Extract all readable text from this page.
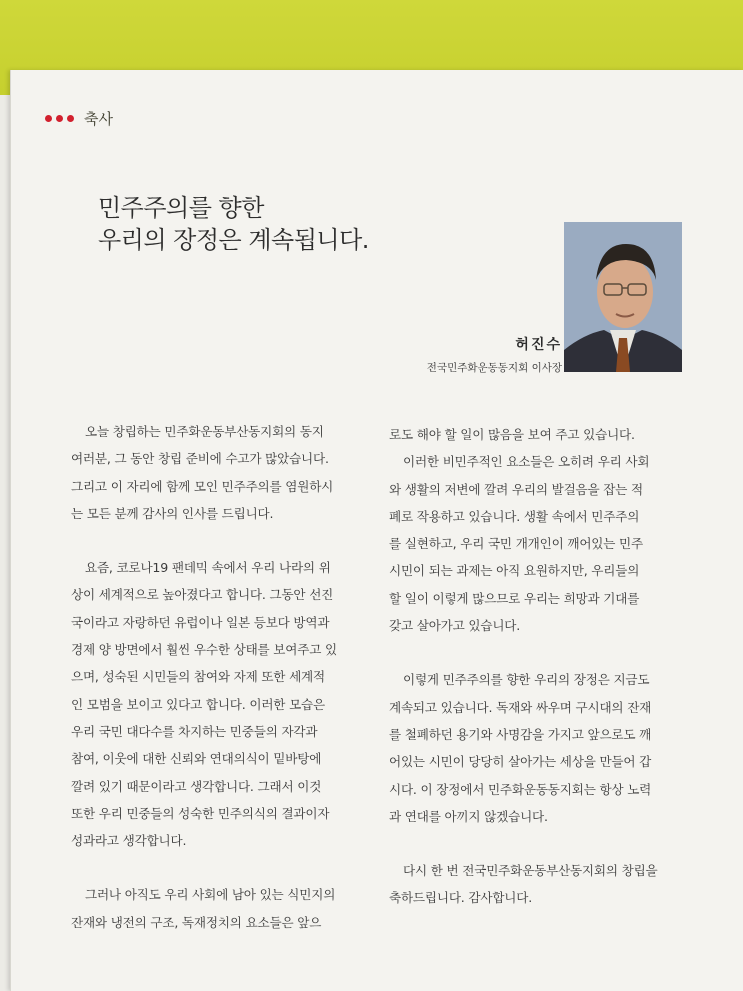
축사
민주주의를 향한
우리의 장정은 계속됩니다.
허진수
전국민주화운동동지회 이사장
오늘 창립하는 민주화운동부산동지회의 동지
여러분, 그 동안 창립 준비에 수고가 많았습니다.
그리고 이 자리에 함께 모인 민주주의를 염원하시
는 모든 분께 감사의 인사를 드립니다.
요즘, 코로나19 팬데믹 속에서 우리 나라의 위
상이 세계적으로 높아졌다고 합니다. 그동안 선진
국이라고 자랑하던 유럽이나 일본 등보다 방역과
경제 양 방면에서 훨씬 우수한 상태를 보여주고 있
으며, 성숙된 시민들의 참여와 자제 또한 세계적
인 모범을 보이고 있다고 합니다. 이러한 모습은
우리 국민 대다수를 차지하는 민중들의 자각과
참여, 이웃에 대한 신뢰와 연대의식이 밑바탕에
깔려 있기 때문이라고 생각합니다. 그래서 이것
또한 우리 민중들의 성숙한 민주의식의 결과이자
성과라고 생각합니다.
그러나 아직도 우리 사회에 남아 있는 식민지의
잔재와 냉전의 구조, 독재정치의 요소들은 앞으
로도 해야 할 일이 많음을 보여 주고 있습니다.
이러한 비민주적인 요소들은 오히려 우리 사회
와 생활의 저변에 깔려 우리의 발걸음을 잡는 적
폐로 작용하고 있습니다. 생활 속에서 민주주의
를 실현하고, 우리 국민 개개인이 깨어있는 민주
시민이 되는 과제는 아직 요원하지만, 우리들의
할 일이 이렇게 많으므로 우리는 희망과 기대를
갖고 살아가고 있습니다.
이렇게 민주주의를 향한 우리의 장정은 지금도
계속되고 있습니다. 독재와 싸우며 구시대의 잔재
를 철폐하던 용기와 사명감을 가지고 앞으로도 깨
어있는 시민이 당당히 살아가는 세상을 만들어 갑
시다. 이 장정에서 민주화운동동지회는 항상 노력
과 연대를 아끼지 않겠습니다.
다시 한 번 전국민주화운동부산동지회의 창립을
축하드립니다. 감사합니다.
